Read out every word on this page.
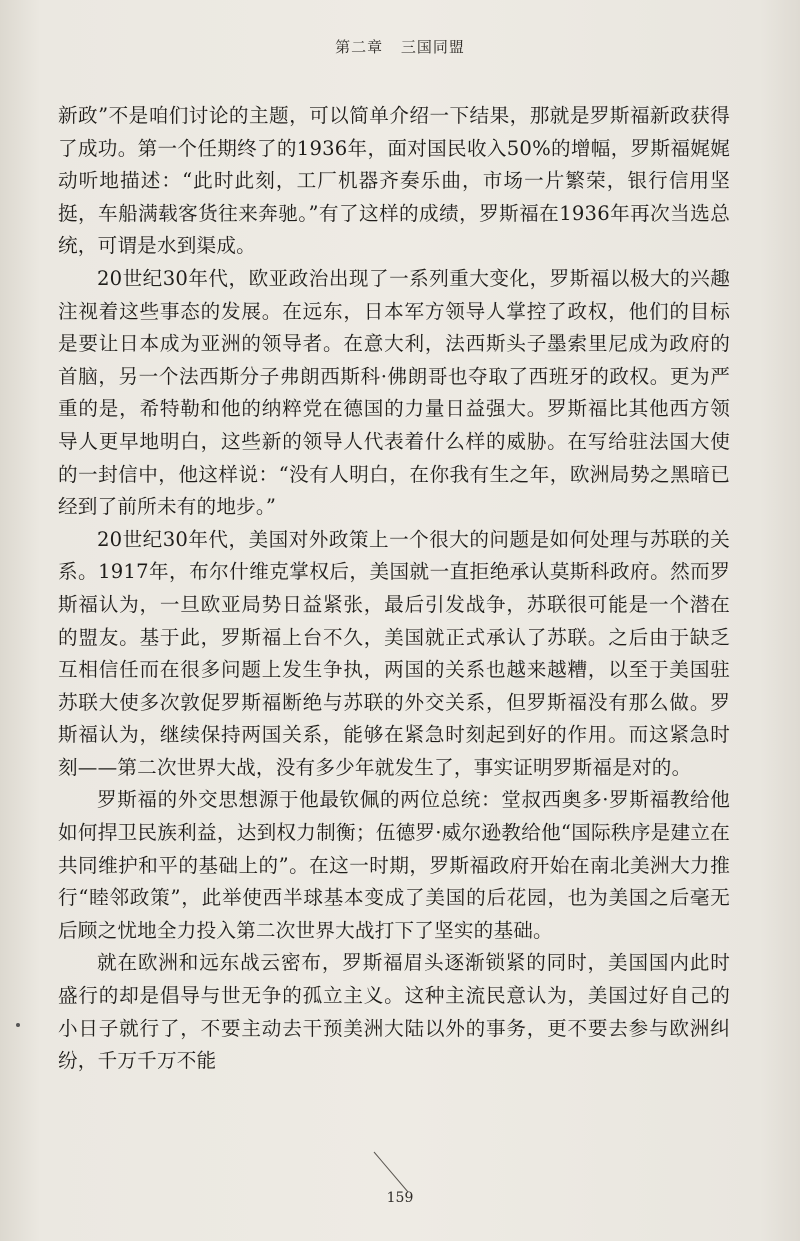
第二章 三国同盟

新政”不是咱们讨论的主题，可以简单介绍一下结果，那就是罗斯福新政获得了成功。第一个任期终了的1936年，面对国民收入50%的增幅，罗斯福娓娓动听地描述：“此时此刻，工厂机器齐奏乐曲，市场一片繁荣，银行信用坚挺，车船满载客货往来奔驰。”有了这样的成绩，罗斯福在1936年再次当选总统，可谓是水到渠成。

20世纪30年代，欧亚政治出现了一系列重大变化，罗斯福以极大的兴趣注视着这些事态的发展。在远东，日本军方领导人掌控了政权，他们的目标是要让日本成为亚洲的领导者。在意大利，法西斯头子墨索里尼成为政府的首脑，另一个法西斯分子弗朗西斯科·佛朗哥也夺取了西班牙的政权。更为严重的是，希特勒和他的纳粹党在德国的力量日益强大。罗斯福比其他西方领导人更早地明白，这些新的领导人代表着什么样的威胁。在写给驻法国大使的一封信中，他这样说：“没有人明白，在你我有生之年，欧洲局势之黑暗已经到了前所未有的地步。”

20世纪30年代，美国对外政策上一个很大的问题是如何处理与苏联的关系。1917年，布尔什维克掌权后，美国就一直拒绝承认莫斯科政府。然而罗斯福认为，一旦欧亚局势日益紧张，最后引发战争，苏联很可能是一个潜在的盟友。基于此，罗斯福上台不久，美国就正式承认了苏联。之后由于缺乏互相信任而在很多问题上发生争执，两国的关系也越来越糟，以至于美国驻苏联大使多次敦促罗斯福断绝与苏联的外交关系，但罗斯福没有那么做。罗斯福认为，继续保持两国关系，能够在紧急时刻起到好的作用。而这紧急时刻——第二次世界大战，没有多少年就发生了，事实证明罗斯福是对的。

罗斯福的外交思想源于他最钦佩的两位总统：堂叔西奥多·罗斯福教给他如何捍卫民族利益，达到权力制衡；伍德罗·威尔逊教给他“国际秩序是建立在共同维护和平的基础上的”。在这一时期，罗斯福政府开始在南北美洲大力推行“睦邻政策”，此举使西半球基本变成了美国的后花园，也为美国之后毫无后顾之忧地全力投入第二次世界大战打下了坚实的基础。

就在欧洲和远东战云密布，罗斯福眉头逐渐锁紧的同时，美国国内此时盛行的却是倡导与世无争的孤立主义。这种主流民意认为，美国过好自己的小日子就行了，不要主动去干预美洲大陆以外的事务，更不要去参与欧洲纠纷，千万千万不能

159
